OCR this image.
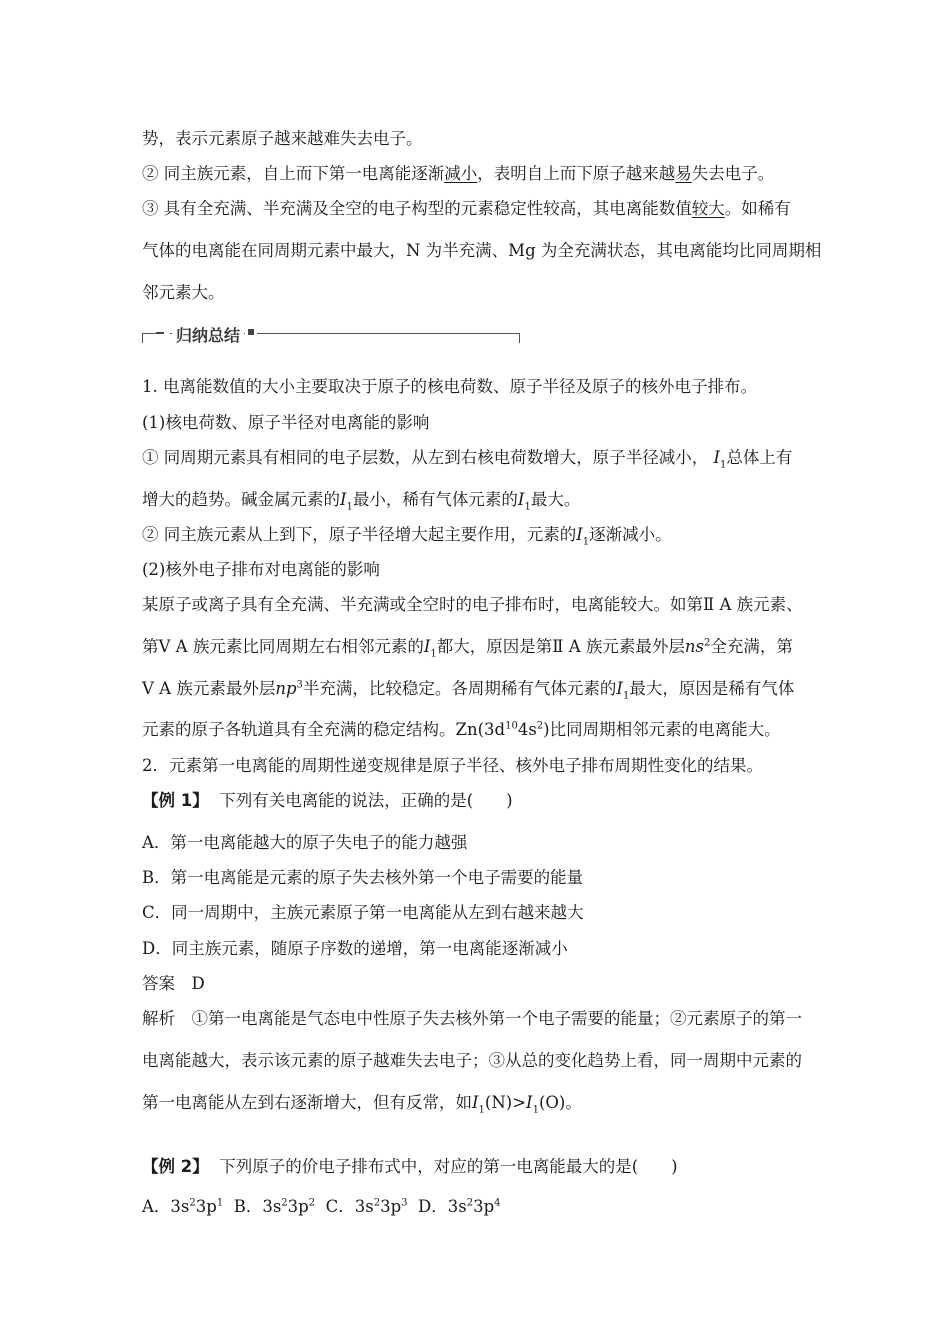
势，表示元素原子越来越难失去电子。
② 同主族元素，自上而下第一电离能逐渐减小，表明自上而下原子越来越易失去电子。
③ 具有全充满、半充满及全空的电子构型的元素稳定性较高，其电离能数值较大。如稀有
气体的电离能在同周期元素中最大，N 为半充满、Mg 为全充满状态，其电离能均比同周期相
邻元素大。
归纳总结
1. 电离能数值的大小主要取决于原子的核电荷数、原子半径及原子的核外电子排布。
(1)核电荷数、原子半径对电离能的影响
① 同周期元素具有相同的电子层数，从左到右核电荷数增大，原子半径减小， $I_1$总体上有
增大的趋势。碱金属元素的$I_1$最小，稀有气体元素的$I_1$最大。
② 同主族元素从上到下，原子半径增大起主要作用，元素的$I_1$逐渐减小。
(2)核外电子排布对电离能的影响
某原子或离子具有全充满、半充满或全空时的电子排布时，电离能较大。如第Ⅱ A 族元素、
第Ⅴ A 族元素比同周期左右相邻元素的$I_1$都大，原因是第Ⅱ A 族元素最外层$ns^2$全充满，第
Ⅴ A 族元素最外层$np^3$半充满，比较稳定。各周期稀有气体元素的$I_1$最大，原因是稀有气体
元素的原子各轨道具有全充满的稳定结构。$Zn(3d^{10}4s^2)$比同周期相邻元素的电离能大。
2．元素第一电离能的周期性递变规律是原子半径、核外电子排布周期性变化的结果。
【例 1】 下列有关电离能的说法，正确的是(　　)
A．第一电离能越大的原子失电子的能力越强
B．第一电离能是元素的原子失去核外第一个电子需要的能量
C．同一周期中，主族元素原子第一电离能从左到右越来越大
D．同主族元素，随原子序数的递增，第一电离能逐渐减小
答案　D
解析　①第一电离能是气态电中性原子失去核外第一个电子需要的能量；②元素原子的第一
电离能越大，表示该元素的原子越难失去电子；③从总的变化趋势上看，同一周期中元素的
第一电离能从左到右逐渐增大，但有反常，如$I_1(N)>I_1(O)$。
【例 2】 下列原子的价电子排布式中，对应的第一电离能最大的是(　　)
A．$3s^23p^1$ B．$3s^23p^2$ C．$3s^23p^3$ D．$3s^23p^4$
